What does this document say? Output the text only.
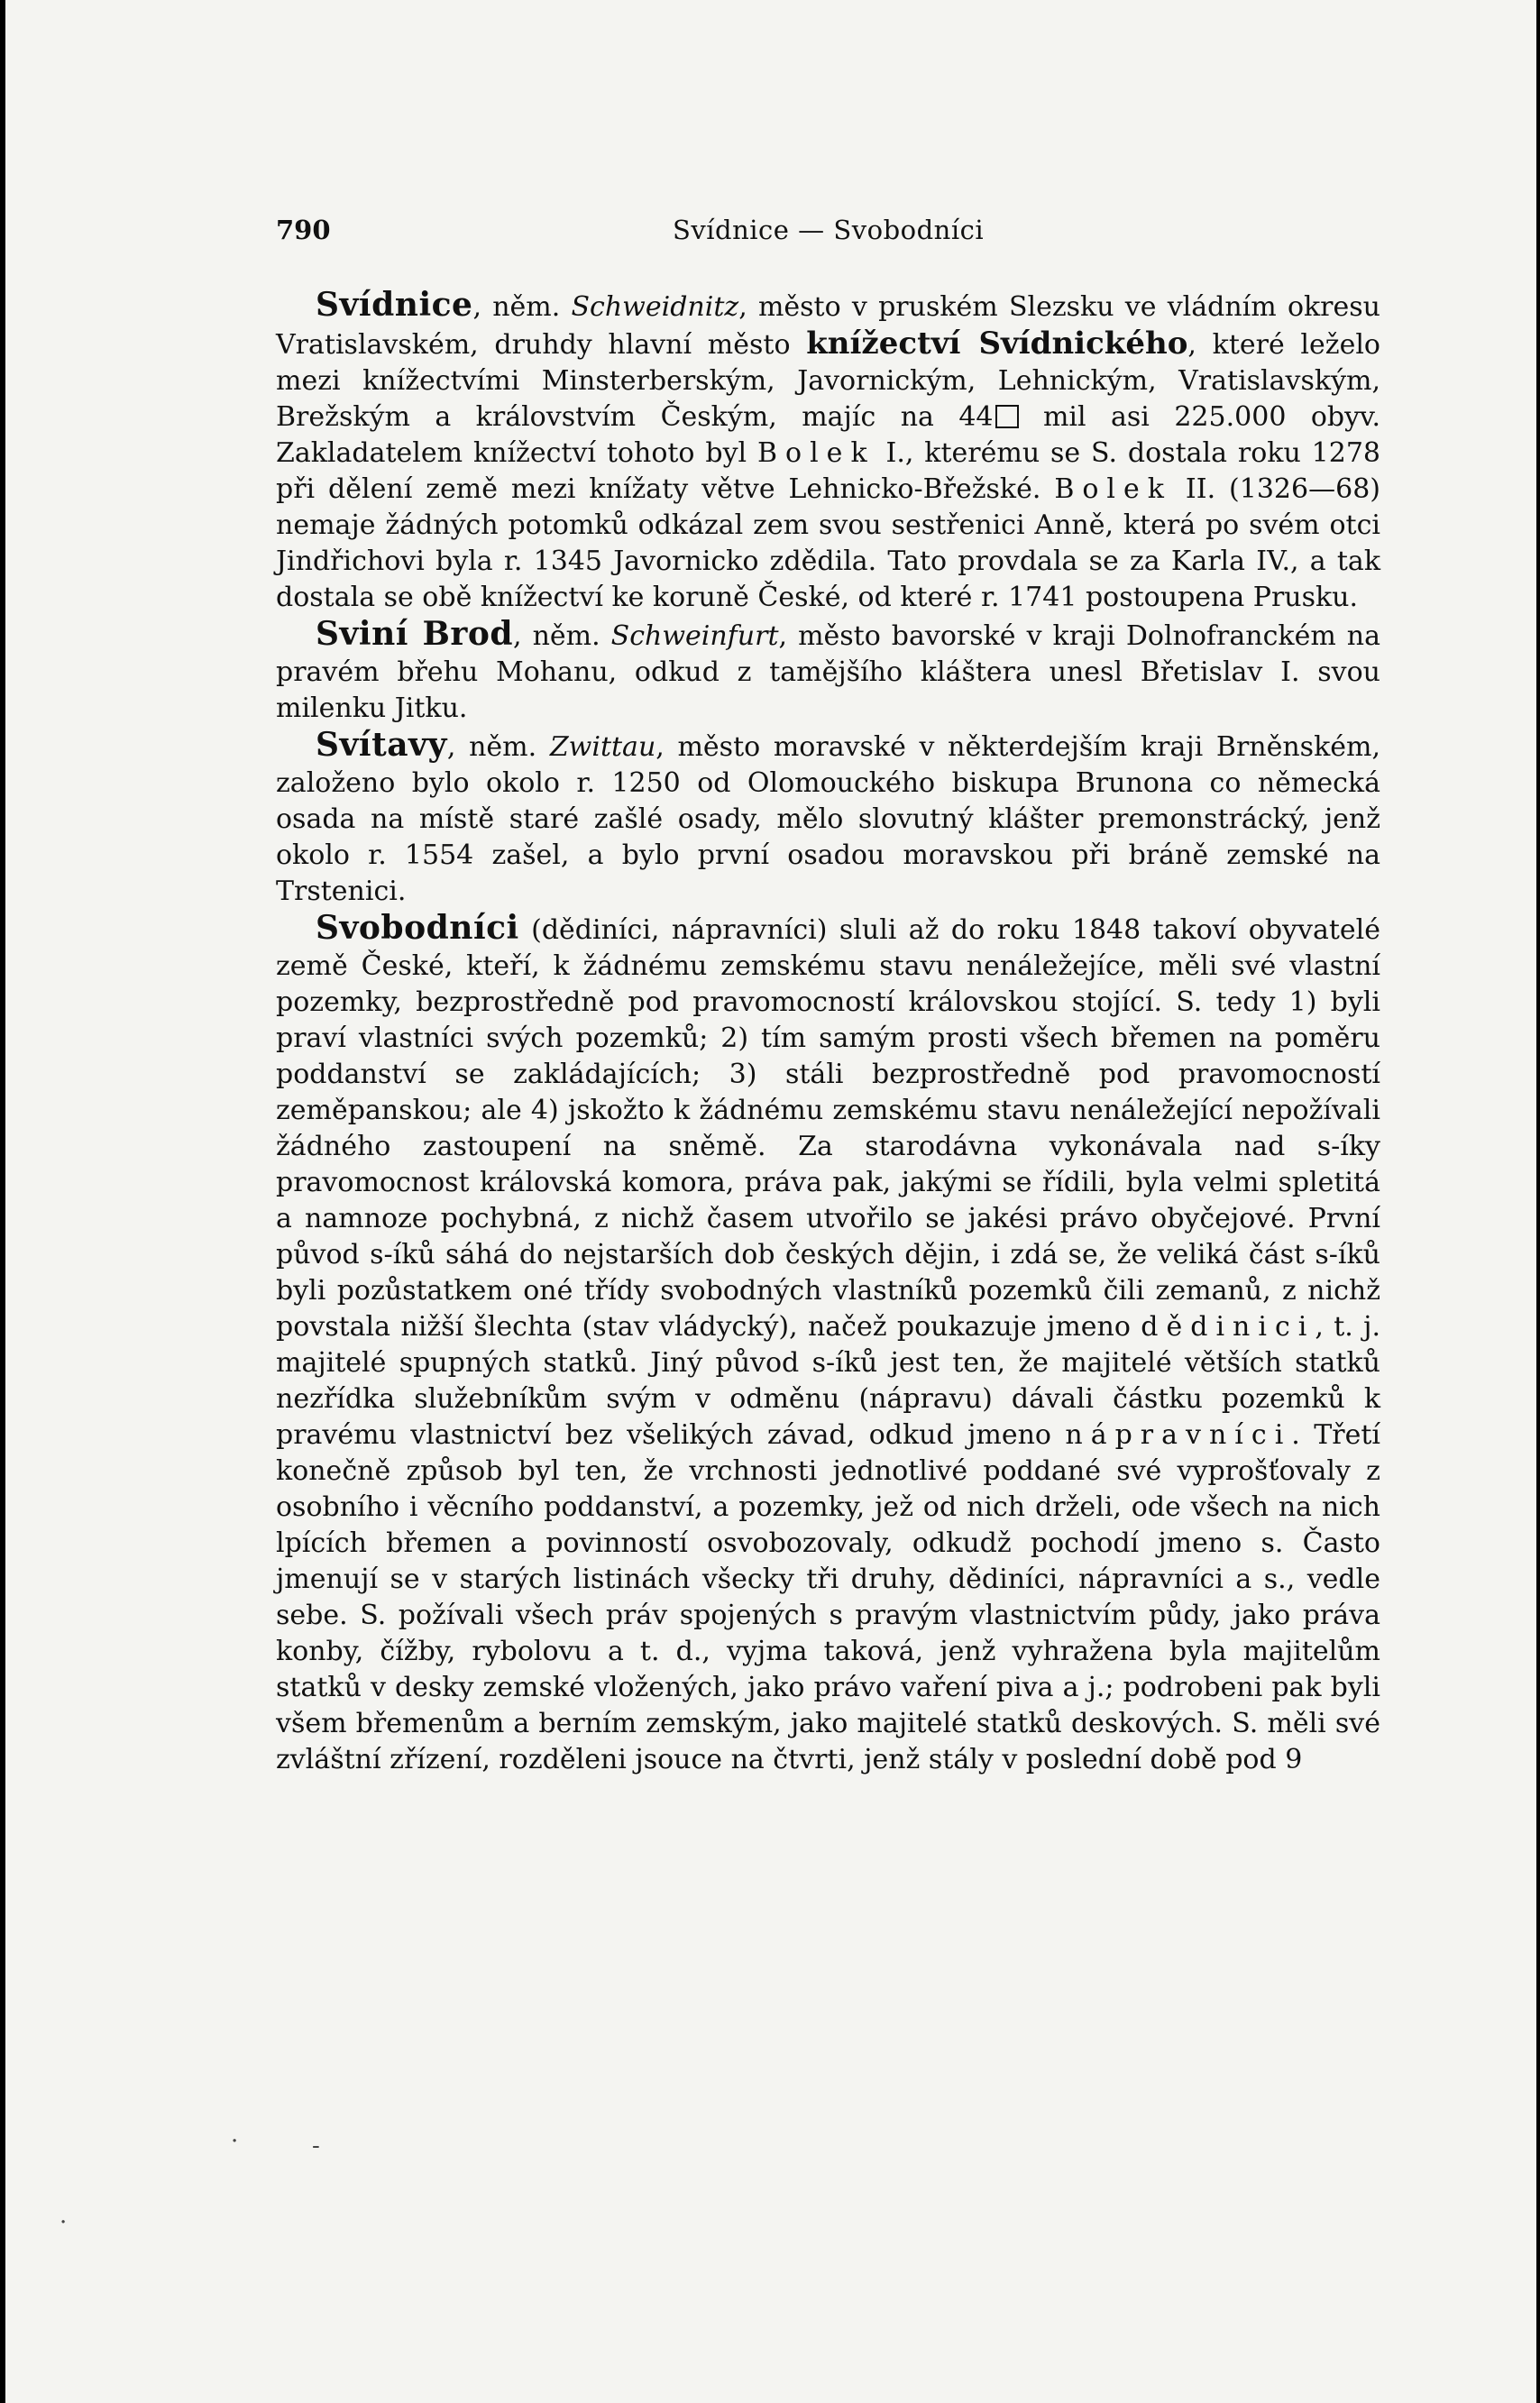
790	Svídnice — Svobodníci

Svídnice, něm. Schweidnitz, město v pruském Slezsku ve vládním okresu Vratislavském, druhdy hlavní město knížectví Svídnického, které leželo mezi knížectvími Minsterberským, Javornickým, Lehnickým, Vratislavským, Brežským a královstvím Českým, majíc na 44 mil asi 225.000 obyv. Zakladatelem knížectví tohoto byl Bolek I., kterému se S. dostala roku 1278 při dělení země mezi knížaty větve Lehnicko-Břežské. Bolek II. (1326—68) nemaje žádných potomků odkázal zem svou sestřenici Anně, která po svém otci Jindřichovi byla r. 1345 Javornicko zdědila. Tato provdala se za Karla IV., a tak dostala se obě knížectví ke koruně České, od které r. 1741 postoupena Prusku.

Sviní Brod, něm. Schweinfurt, město bavorské v kraji Dolnofranckém na pravém břehu Mohanu, odkud z tamějšího kláštera unesl Břetislav I. svou milenku Jitku.

Svítavy, něm. Zwittau, město moravské v některdejším kraji Brněnském, založeno bylo okolo r. 1250 od Olomouckého biskupa Brunona co německá osada na místě staré zašlé osady, mělo slovutný klášter premonstrácký, jenž okolo r. 1554 zašel, a bylo první osadou moravskou při bráně zemské na Trstenici.

Svobodníci (dědiníci, nápravníci) sluli až do roku 1848 takoví obyvatelé země České, kteří, k žádnému zemskému stavu nenáležejíce, měli své vlastní pozemky, bezprostředně pod pravomocností královskou stojící. S. tedy 1) byli praví vlastníci svých pozemků; 2) tím samým prosti všech břemen na poměru poddanství se zakládajících; 3) stáli bezprostředně pod pravomocností zeměpanskou; ale 4) jskožto k žádnému zemskému stavu nenáležející nepožívali žádného zastoupení na sněmě. Za starodávna vykonávala nad s-íky pravomocnost královská komora, práva pak, jakými se řídili, byla velmi spletitá a namnoze pochybná, z nichž časem utvořilo se jakési právo obyčejové. První původ s-íků sáhá do nejstarších dob českých dějin, i zdá se, že veliká část s-íků byli pozůstatkem oné třídy svobodných vlastníků pozemků čili zemanů, z nichž povstala nižší šlechta (stav vládycký), načež poukazuje jmeno dědinici, t. j. majitelé spupných statků. Jiný původ s-íků jest ten, že majitelé větších statků nezřídka služebníkům svým v odměnu (nápravu) dávali částku pozemků k pravému vlastnictví bez všelikých závad, odkud jmeno nápravníci. Třetí konečně způsob byl ten, že vrchnosti jednotlivé poddané své vyprošťovaly z osobního i věcního poddanství, a pozemky, jež od nich drželi, ode všech na nich lpících břemen a povinností osvobozovaly, odkudž pochodí jmeno s. Často jmenují se v starých listinách všecky tři druhy, dědiníci, nápravníci a s., vedle sebe. S. požívali všech práv spojených s pravým vlastnictvím půdy, jako práva konby, čížby, rybolovu a t. d., vyjma taková, jenž vyhražena byla majitelům statků v desky zemské vložených, jako právo vaření piva a j.; podrobeni pak byli všem břemenům a berním zemským, jako majitelé statků deskových. S. měli své zvláštní zřízení, rozděleni jsouce na čtvrti, jenž stály v poslední době pod 9

·	-
·
